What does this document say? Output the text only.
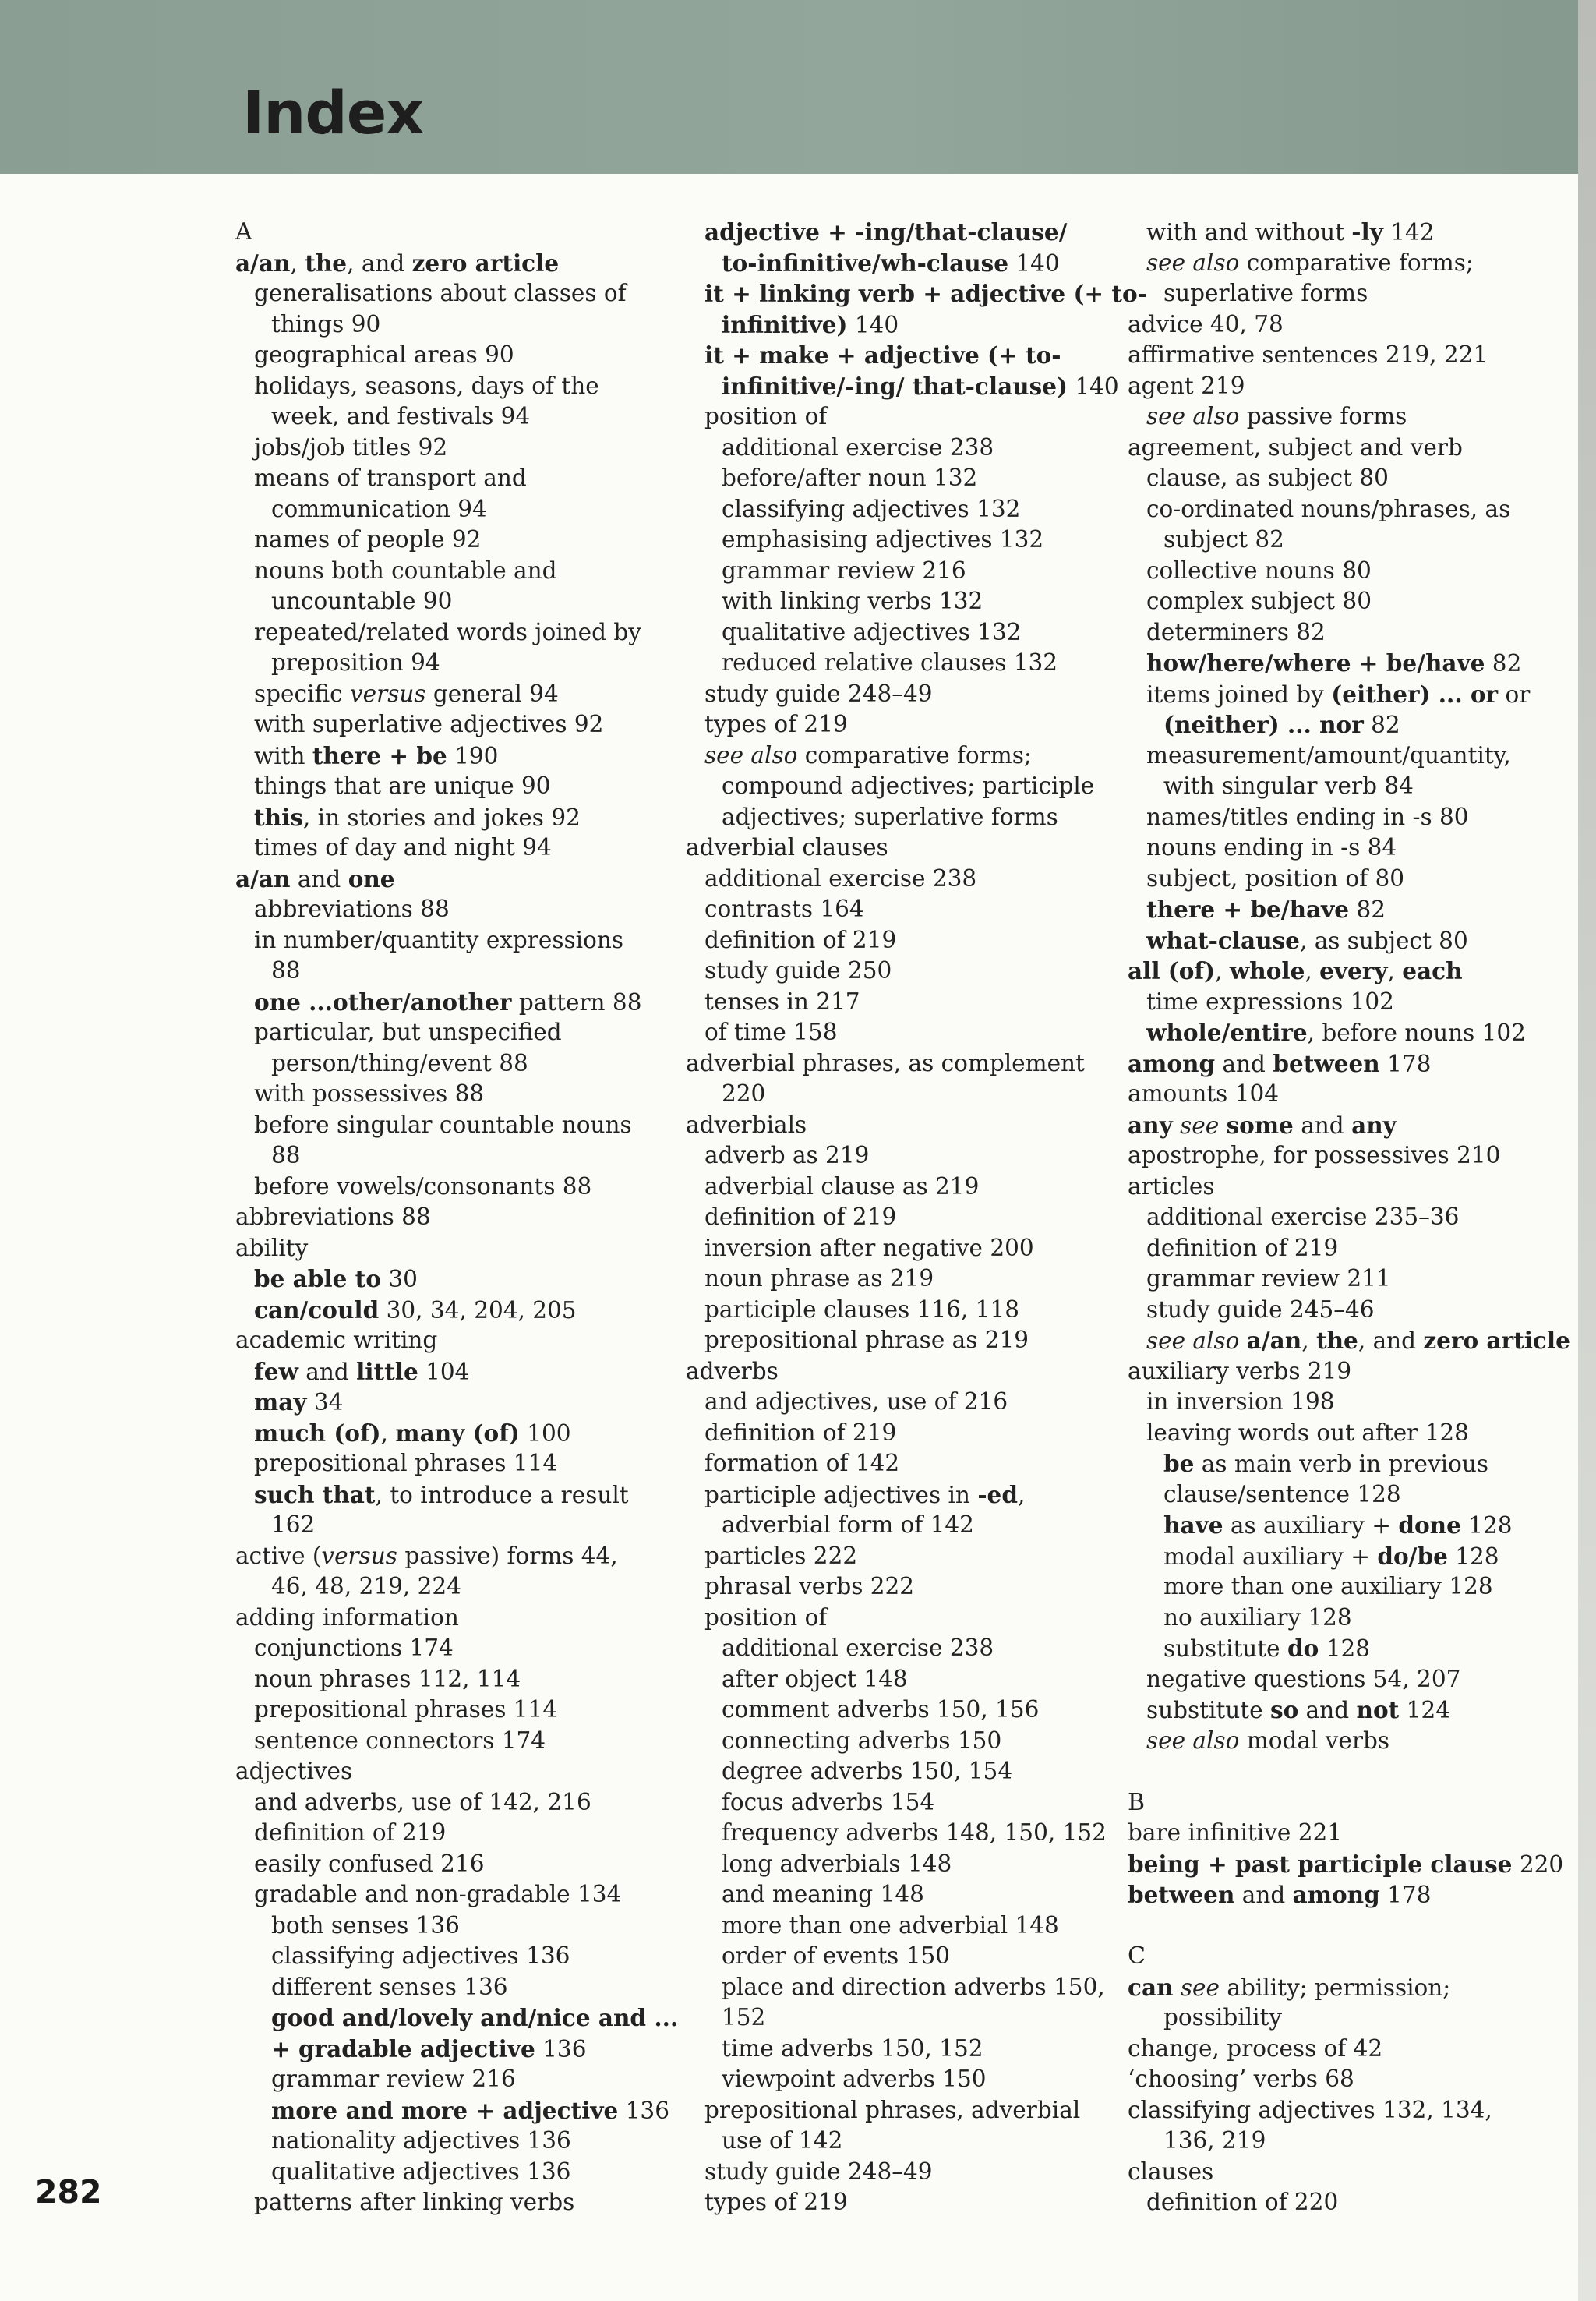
Index
A
a/an, the, and zero article
generalisations about classes of
things 90
geographical areas 90
holidays, seasons, days of the
week, and festivals 94
jobs/job titles 92
means of transport and
communication 94
names of people 92
nouns both countable and
uncountable 90
repeated/related words joined by
preposition 94
specific versus general 94
with superlative adjectives 92
with there + be 190
things that are unique 90
this, in stories and jokes 92
times of day and night 94
a/an and one
abbreviations 88
in number/quantity expressions
88
one ...other/another pattern 88
particular, but unspecified
person/thing/event 88
with possessives 88
before singular countable nouns
88
before vowels/consonants 88
abbreviations 88
ability
be able to 30
can/could 30, 34, 204, 205
academic writing
few and little 104
may 34
much (of), many (of) 100
prepositional phrases 114
such that, to introduce a result
162
active (versus passive) forms 44,
46, 48, 219, 224
adding information
conjunctions 174
noun phrases 112, 114
prepositional phrases 114
sentence connectors 174
adjectives
and adverbs, use of 142, 216
definition of 219
easily confused 216
gradable and non-gradable 134
both senses 136
classifying adjectives 136
different senses 136
good and/lovely and/nice and ...
+ gradable adjective 136
grammar review 216
more and more + adjective 136
nationality adjectives 136
qualitative adjectives 136
patterns after linking verbs
adjective + -ing/that-clause/
to-infinitive/wh-clause 140
it + linking verb + adjective (+ to-
infinitive) 140
it + make + adjective (+ to-
infinitive/-ing/ that-clause) 140
position of
additional exercise 238
before/after noun 132
classifying adjectives 132
emphasising adjectives 132
grammar review 216
with linking verbs 132
qualitative adjectives 132
reduced relative clauses 132
study guide 248–49
types of 219
see also comparative forms;
compound adjectives; participle
adjectives; superlative forms
adverbial clauses
additional exercise 238
contrasts 164
definition of 219
study guide 250
tenses in 217
of time 158
adverbial phrases, as complement
220
adverbials
adverb as 219
adverbial clause as 219
definition of 219
inversion after negative 200
noun phrase as 219
participle clauses 116, 118
prepositional phrase as 219
adverbs
and adjectives, use of 216
definition of 219
formation of 142
participle adjectives in -ed,
adverbial form of 142
particles 222
phrasal verbs 222
position of
additional exercise 238
after object 148
comment adverbs 150, 156
connecting adverbs 150
degree adverbs 150, 154
focus adverbs 154
frequency adverbs 148, 150, 152
long adverbials 148
and meaning 148
more than one adverbial 148
order of events 150
place and direction adverbs 150,
152
time adverbs 150, 152
viewpoint adverbs 150
prepositional phrases, adverbial
use of 142
study guide 248–49
types of 219
with and without -ly 142
see also comparative forms;
superlative forms
advice 40, 78
affirmative sentences 219, 221
agent 219
see also passive forms
agreement, subject and verb
clause, as subject 80
co-ordinated nouns/phrases, as
subject 82
collective nouns 80
complex subject 80
determiners 82
how/here/where + be/have 82
items joined by (either) ... or or
(neither) ... nor 82
measurement/amount/quantity,
with singular verb 84
names/titles ending in -s 80
nouns ending in -s 84
subject, position of 80
there + be/have 82
what-clause, as subject 80
all (of), whole, every, each
time expressions 102
whole/entire, before nouns 102
among and between 178
amounts 104
any see some and any
apostrophe, for possessives 210
articles
additional exercise 235–36
definition of 219
grammar review 211
study guide 245–46
see also a/an, the, and zero article
auxiliary verbs 219
in inversion 198
leaving words out after 128
be as main verb in previous
clause/sentence 128
have as auxiliary + done 128
modal auxiliary + do/be 128
more than one auxiliary 128
no auxiliary 128
substitute do 128
negative questions 54, 207
substitute so and not 124
see also modal verbs
B
bare infinitive 221
being + past participle clause 220
between and among 178
C
can see ability; permission;
possibility
change, process of 42
‘choosing’ verbs 68
classifying adjectives 132, 134,
136, 219
clauses
definition of 220
282
